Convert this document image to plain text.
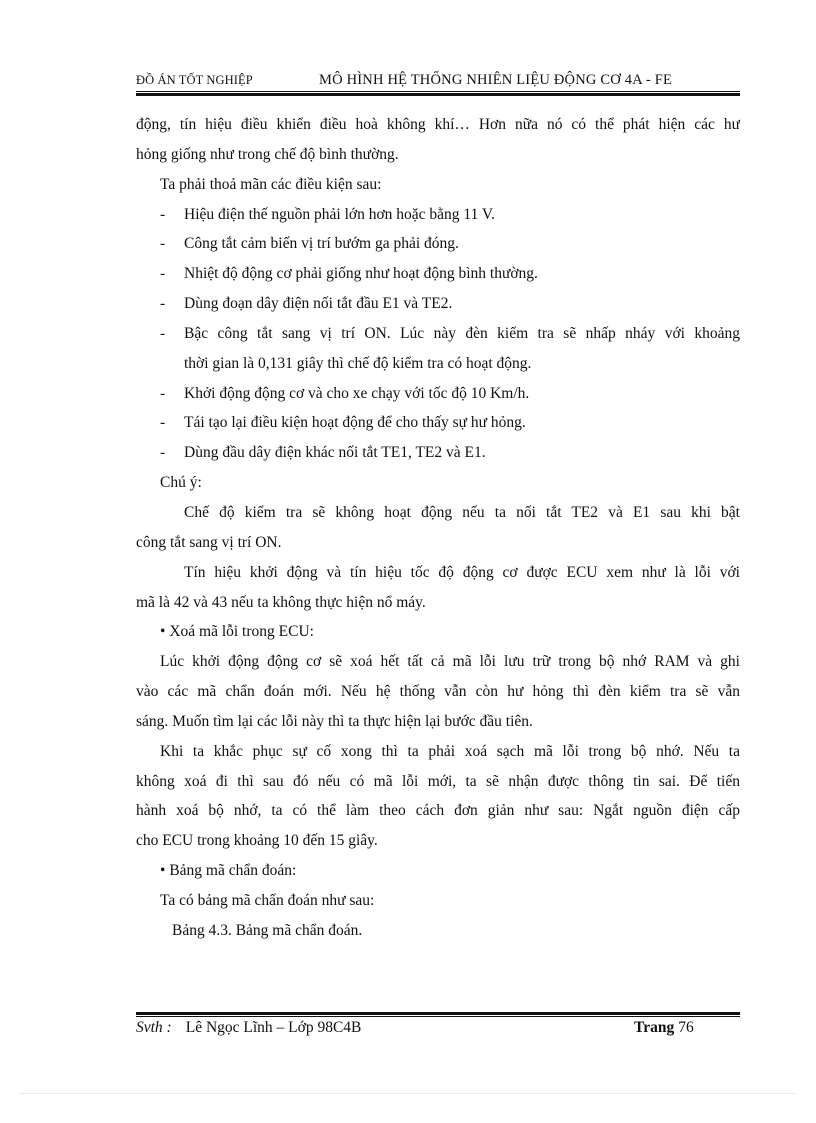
ĐỒ ÁN TỐT NGHIỆP	MÔ HÌNH HỆ THỐNG NHIÊN LIỆU ĐỘNG CƠ 4A - FE
động, tín hiệu điều khiển điều hoà không khí… Hơn nữa nó có thể phát hiện các hư
hỏng giống như trong chế độ bình thường.
Ta phải thoả mãn các điều kiện sau:
- Hiệu điện thế nguồn phải lớn hơn hoặc bằng 11 V.
- Công tắt cảm biến vị trí bướm ga phải đóng.
- Nhiệt độ động cơ phải giống như hoạt động bình thường.
- Dùng đoạn dây điện nối tắt đầu E1 và TE2.
-	Bậc công tắt sang vị trí ON. Lúc này đèn kiểm tra sẽ nhấp nháy với khoảng
thời gian là 0,131 giây thì chế độ kiểm tra có hoạt động.
- Khởi động động cơ và cho xe chạy với tốc độ 10 Km/h.
- Tái tạo lại điều kiện hoạt động để cho thấy sự hư hỏng.
- Dùng đầu dây điện khác nối tắt TE1, TE2 và E1.
Chú ý:
Chế độ kiểm tra sẽ không hoạt động nếu ta nối tắt TE2 và E1 sau khi bật
công tắt sang vị trí ON.
Tín hiệu khởi động và tín hiệu tốc độ động cơ được ECU xem như là lỗi với
mã là 42 và 43 nếu ta không thực hiện nổ máy.
• Xoá mã lỗi trong ECU:
Lúc khởi động động cơ sẽ xoá hết tất cả mã lỗi lưu trữ trong bộ nhớ RAM và ghi
vào các mã chẩn đoán mới. Nếu hệ thống vẫn còn hư hỏng thì đèn kiểm tra sẽ vẫn
sáng. Muốn tìm lại các lỗi này thì ta thực hiện lại bước đầu tiên.
Khi ta khắc phục sự cố xong thì ta phải xoá sạch mã lỗi trong bộ nhớ. Nếu ta
không xoá đi thì sau đó nếu có mã lỗi mới, ta sẽ nhận được thông tin sai. Để tiến
hành xoá bộ nhớ, ta có thể làm theo cách đơn giản như sau: Ngắt nguồn điện cấp
cho ECU trong khoảng 10 đến 15 giây.
• Bảng mã chẩn đoán:
Ta có bảng mã chẩn đoán như sau:
Bảng 4.3. Bảng mã chẩn đoán.
Svth : Lê Ngọc Lĩnh – Lớp 98C4B	Trang 76
